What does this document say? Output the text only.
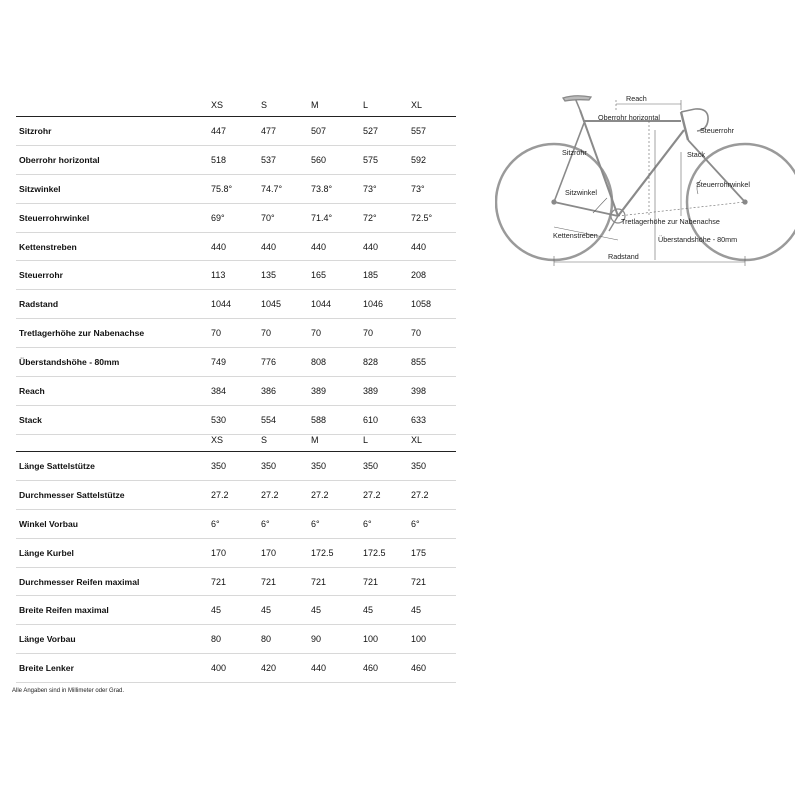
XS	S	M	L	XL
Sitzrohr	447	477	507	527	557
Oberrohr horizontal	518	537	560	575	592
Sitzwinkel	75.8°	74.7°	73.8°	73°	73°
Steuerrohrwinkel	69°	70°	71.4°	72°	72.5°
Kettenstreben	440	440	440	440	440
Steuerrohr	113	135	165	185	208
Radstand	1044	1045	1044	1046	1058
Tretlagerhöhe zur Nabenachse	70	70	70	70	70
Überstandshöhe - 80mm	749	776	808	828	855
Reach	384	386	389	389	398
Stack	530	554	588	610	633
XS	S	M	L	XL
Länge Sattelstütze	350	350	350	350	350
Durchmesser Sattelstütze	27.2	27.2	27.2	27.2	27.2
Winkel Vorbau	6°	6°	6°	6°	6°
Länge Kurbel	170	170	172.5	172.5	175
Durchmesser Reifen maximal	721	721	721	721	721
Breite Reifen maximal	45	45	45	45	45
Länge Vorbau	80	80	90	100	100
Breite Lenker	400	420	440	460	460
Alle Angaben sind in Millimeter oder Grad.
Reach
Oberrohr horizontal
Steuerrohr
Sitzrohr	Stack
Steuerrohrwinkel
Sitzwinkel
Tretlagerhöhe zur Nabenachse
Kettenstreben	Überstandshöhe - 80mm
Radstand
